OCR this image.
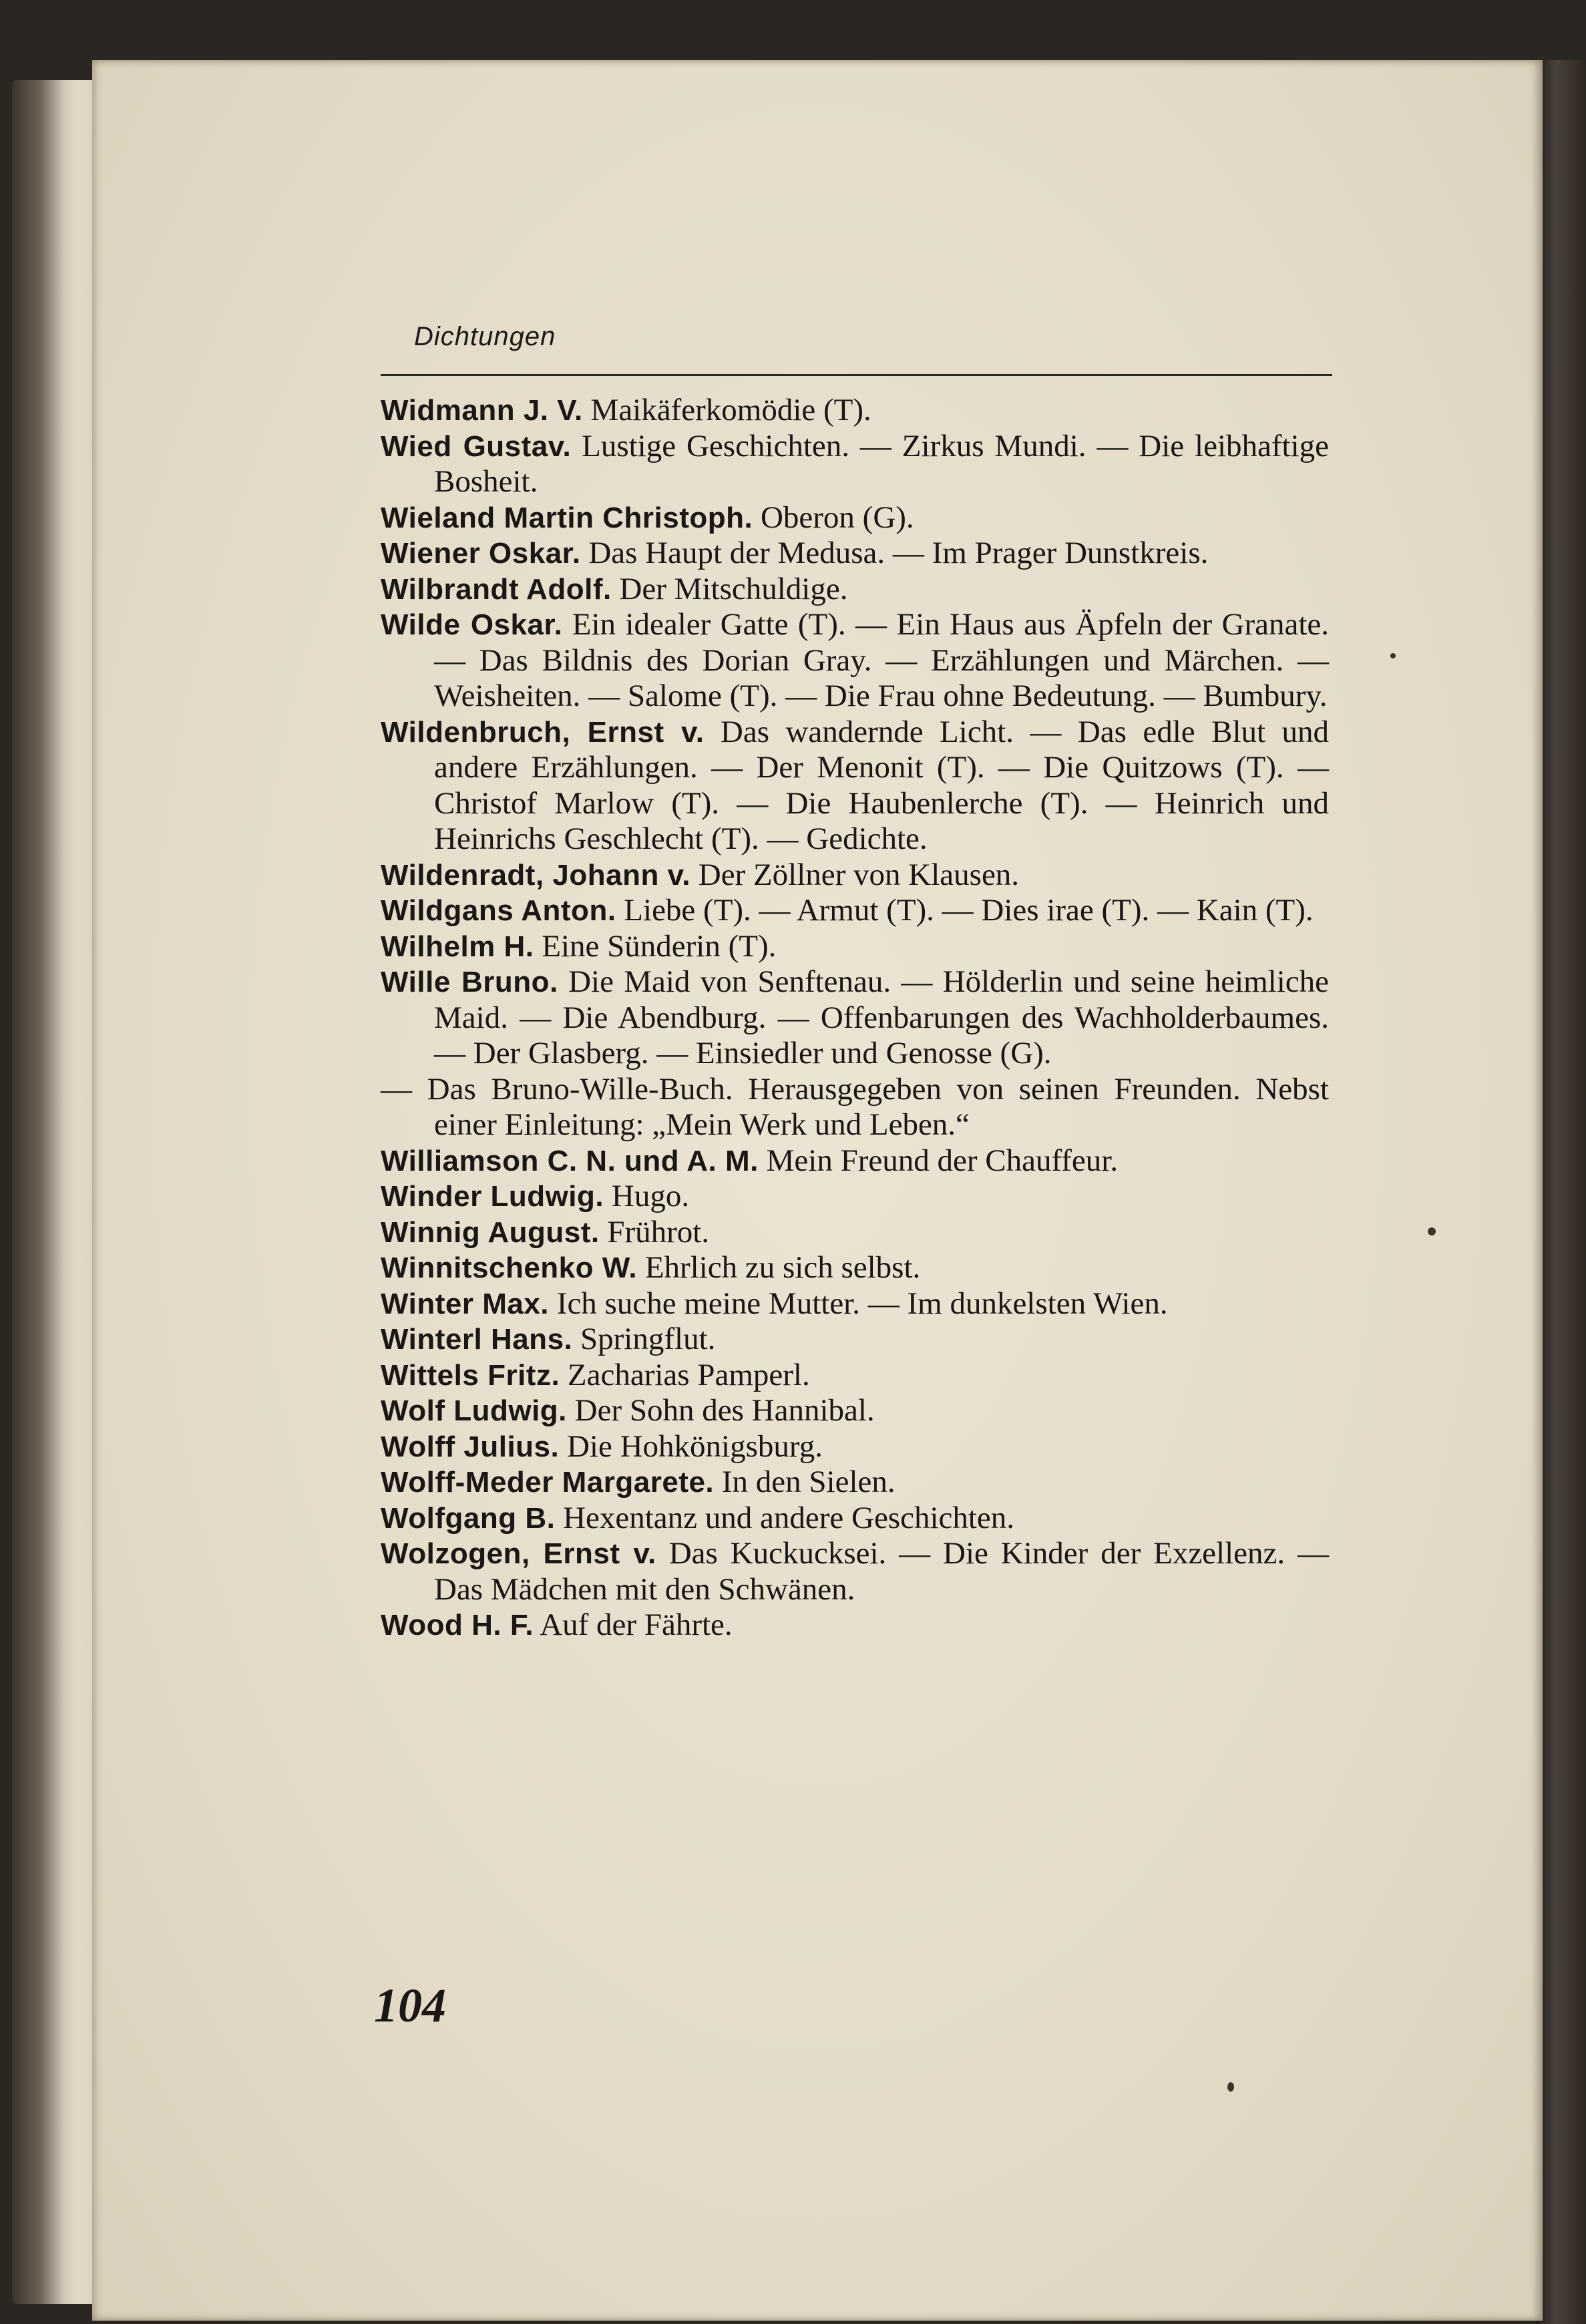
Dichtungen

Widmann J. V. Maikäferkomödie (T).

Wied Gustav. Lustige Geschichten. — Zirkus Mundi. — Die leibhaftige Bosheit.

Wieland Martin Christoph. Oberon (G).

Wiener Oskar. Das Haupt der Medusa. — Im Prager Dunstkreis.

Wilbrandt Adolf. Der Mitschuldige.

Wilde Oskar. Ein idealer Gatte (T). — Ein Haus aus Äpfeln der Granate. — Das Bildnis des Dorian Gray. — Erzählungen und Märchen. — Weisheiten. — Salome (T). — Die Frau ohne Bedeutung. — Bumbury.

Wildenbruch, Ernst v. Das wandernde Licht. — Das edle Blut und andere Erzählungen. — Der Menonit (T). — Die Quitzows (T). — Christof Marlow (T). — Die Haubenlerche (T). — Heinrich und Heinrichs Geschlecht (T). — Gedichte.

Wildenradt, Johann v. Der Zöllner von Klausen.

Wildgans Anton. Liebe (T). — Armut (T). — Dies irae (T). — Kain (T).

Wilhelm H. Eine Sünderin (T).

Wille Bruno. Die Maid von Senftenau. — Hölderlin und seine heimliche Maid. — Die Abendburg. — Offenbarungen des Wachholderbaumes. — Der Glasberg. — Einsiedler und Genosse (G).

— Das Bruno-Wille-Buch. Herausgegeben von seinen Freunden. Nebst einer Einleitung: „Mein Werk und Leben.“

Williamson C. N. und A. M. Mein Freund der Chauffeur.

Winder Ludwig. Hugo.

Winnig August. Frührot.

Winnitschenko W. Ehrlich zu sich selbst.

Winter Max. Ich suche meine Mutter. — Im dunkelsten Wien.

Winterl Hans. Springflut.

Wittels Fritz. Zacharias Pamperl.

Wolf Ludwig. Der Sohn des Hannibal.

Wolff Julius. Die Hohkönigsburg.

Wolff-Meder Margarete. In den Sielen.

Wolfgang B. Hexentanz und andere Geschichten.

Wolzogen, Ernst v. Das Kuckucksei. — Die Kinder der Exzellenz. — Das Mädchen mit den Schwänen.

Wood H. F. Auf der Fährte.

104
